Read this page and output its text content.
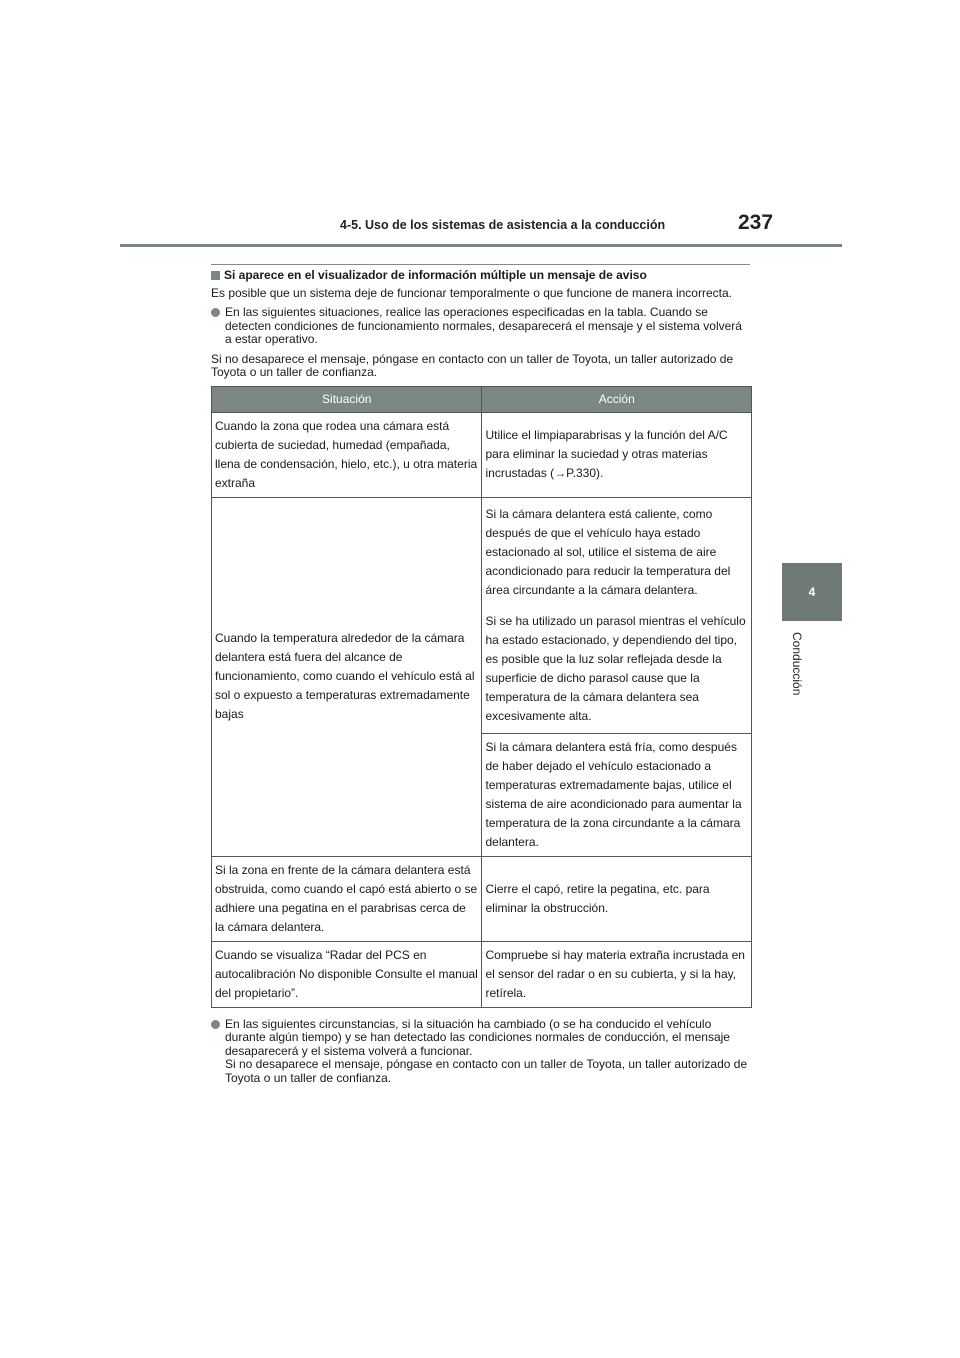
4-5. Uso de los sistemas de asistencia a la conducción	237
4
Conducción
Si aparece en el visualizador de información múltiple un mensaje de aviso

Es posible que un sistema deje de funcionar temporalmente o que funcione de manera incorrecta.

En las siguientes situaciones, realice las operaciones especificadas en la tabla. Cuando se detecten condiciones de funcionamiento normales, desaparecerá el mensaje y el sistema volverá a estar operativo.

Si no desaparece el mensaje, póngase en contacto con un taller de Toyota, un taller autorizado de Toyota o un taller de confianza.

Situación	Acción
Cuando la zona que rodea una cámara está cubierta de suciedad, humedad (empañada, llena de condensación, hielo, etc.), u otra materia extraña	Utilice el limpiaparabrisas y la función del A/C para eliminar la suciedad y otras materias incrustadas (→P.330).
Cuando la temperatura alrededor de la cámara delantera está fuera del alcance de funcionamiento, como cuando el vehículo está al sol o expuesto a temperaturas extremadamente bajas	Si la cámara delantera está caliente, como después de que el vehículo haya estado estacionado al sol, utilice el sistema de aire acondicionado para reducir la temperatura del área circundante a la cámara delantera.
Si se ha utilizado un parasol mientras el vehículo ha estado estacionado, y dependiendo del tipo, es posible que la luz solar reflejada desde la superficie de dicho parasol cause que la temperatura de la cámara delantera sea excesivamente alta.

	Si la cámara delantera está fría, como después de haber dejado el vehículo estacionado a temperaturas extremadamente bajas, utilice el sistema de aire acondicionado para aumentar la temperatura de la zona circundante a la cámara delantera.
Si la zona en frente de la cámara delantera está obstruida, como cuando el capó está abierto o se adhiere una pegatina en el parabrisas cerca de la cámara delantera.	Cierre el capó, retire la pegatina, etc. para eliminar la obstrucción.
Cuando se visualiza “Radar del PCS en autocalibración No disponible Consulte el manual del propietario”.	Compruebe si hay materia extraña incrustada en el sensor del radar o en su cubierta, y si la hay, retírela.
En las siguientes circunstancias, si la situación ha cambiado (o se ha conducido el vehículo durante algún tiempo) y se han detectado las condiciones normales de conducción, el mensaje desaparecerá y el sistema volverá a funcionar.
Si no desaparece el mensaje, póngase en contacto con un taller de Toyota, un taller autorizado de Toyota o un taller de confianza.
